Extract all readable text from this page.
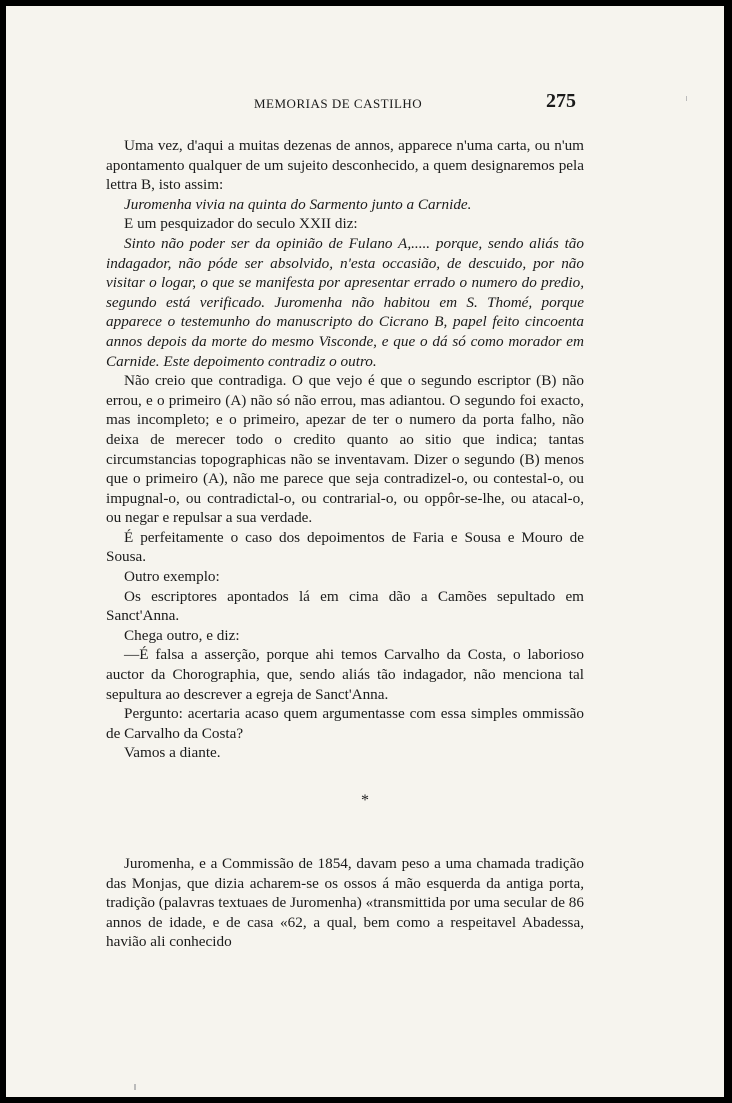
MEMORIAS DE CASTILHO	275

Uma vez, d'aqui a muitas dezenas de annos, apparece n'uma carta, ou n'um apontamento qualquer de um sujeito desconhecido, a quem designaremos pela lettra B, isto assim:

Juromenha vivia na quinta do Sarmento junto a Carnide.

E um pesquizador do seculo XXII diz:

Sinto não poder ser da opinião de Fulano A,..... porque, sendo aliás tão indagador, não póde ser absolvido, n'esta occasião, de descuido, por não visitar o logar, o que se manifesta por apresentar errado o numero do predio, segundo está verificado. Juromenha não habitou em S. Thomé, porque apparece o testemunho do manuscripto do Cicrano B, papel feito cincoenta annos depois da morte do mesmo Visconde, e que o dá só como morador em Carnide. Este depoimento contradiz o outro.

Não creio que contradiga. O que vejo é que o segundo escriptor (B) não errou, e o primeiro (A) não só não errou, mas adiantou. O segundo foi exacto, mas incompleto; e o primeiro, apezar de ter o numero da porta falho, não deixa de merecer todo o credito quanto ao sitio que indica; tantas circumstancias topographicas não se inventavam. Dizer o segundo (B) menos que o primeiro (A), não me parece que seja contradizel-o, ou contestal-o, ou impugnal-o, ou contradictal-o, ou contrarial-o, ou oppôr-se-lhe, ou atacal-o, ou negar e repulsar a sua verdade.

É perfeitamente o caso dos depoimentos de Faria e Sousa e Mouro de Sousa.

Outro exemplo:

Os escriptores apontados lá em cima dão a Camões sepultado em Sanct'Anna.

Chega outro, e diz:

—É falsa a asserção, porque ahi temos Carvalho da Costa, o laborioso auctor da Chorographia, que, sendo aliás tão indagador, não menciona tal sepultura ao descrever a egreja de Sanct'Anna.

Pergunto: acertaria acaso quem argumentasse com essa simples ommissão de Carvalho da Costa?

Vamos a diante.

*

Juromenha, e a Commissão de 1854, davam peso a uma chamada tradição das Monjas, que dizia acharem-se os ossos á mão esquerda da antiga porta, tradição (palavras textuaes de Juromenha) «transmittida por uma secular de 86 annos de idade, e de casa «62, a qual, bem como a respeitavel Abadessa, havião ali conhecido
